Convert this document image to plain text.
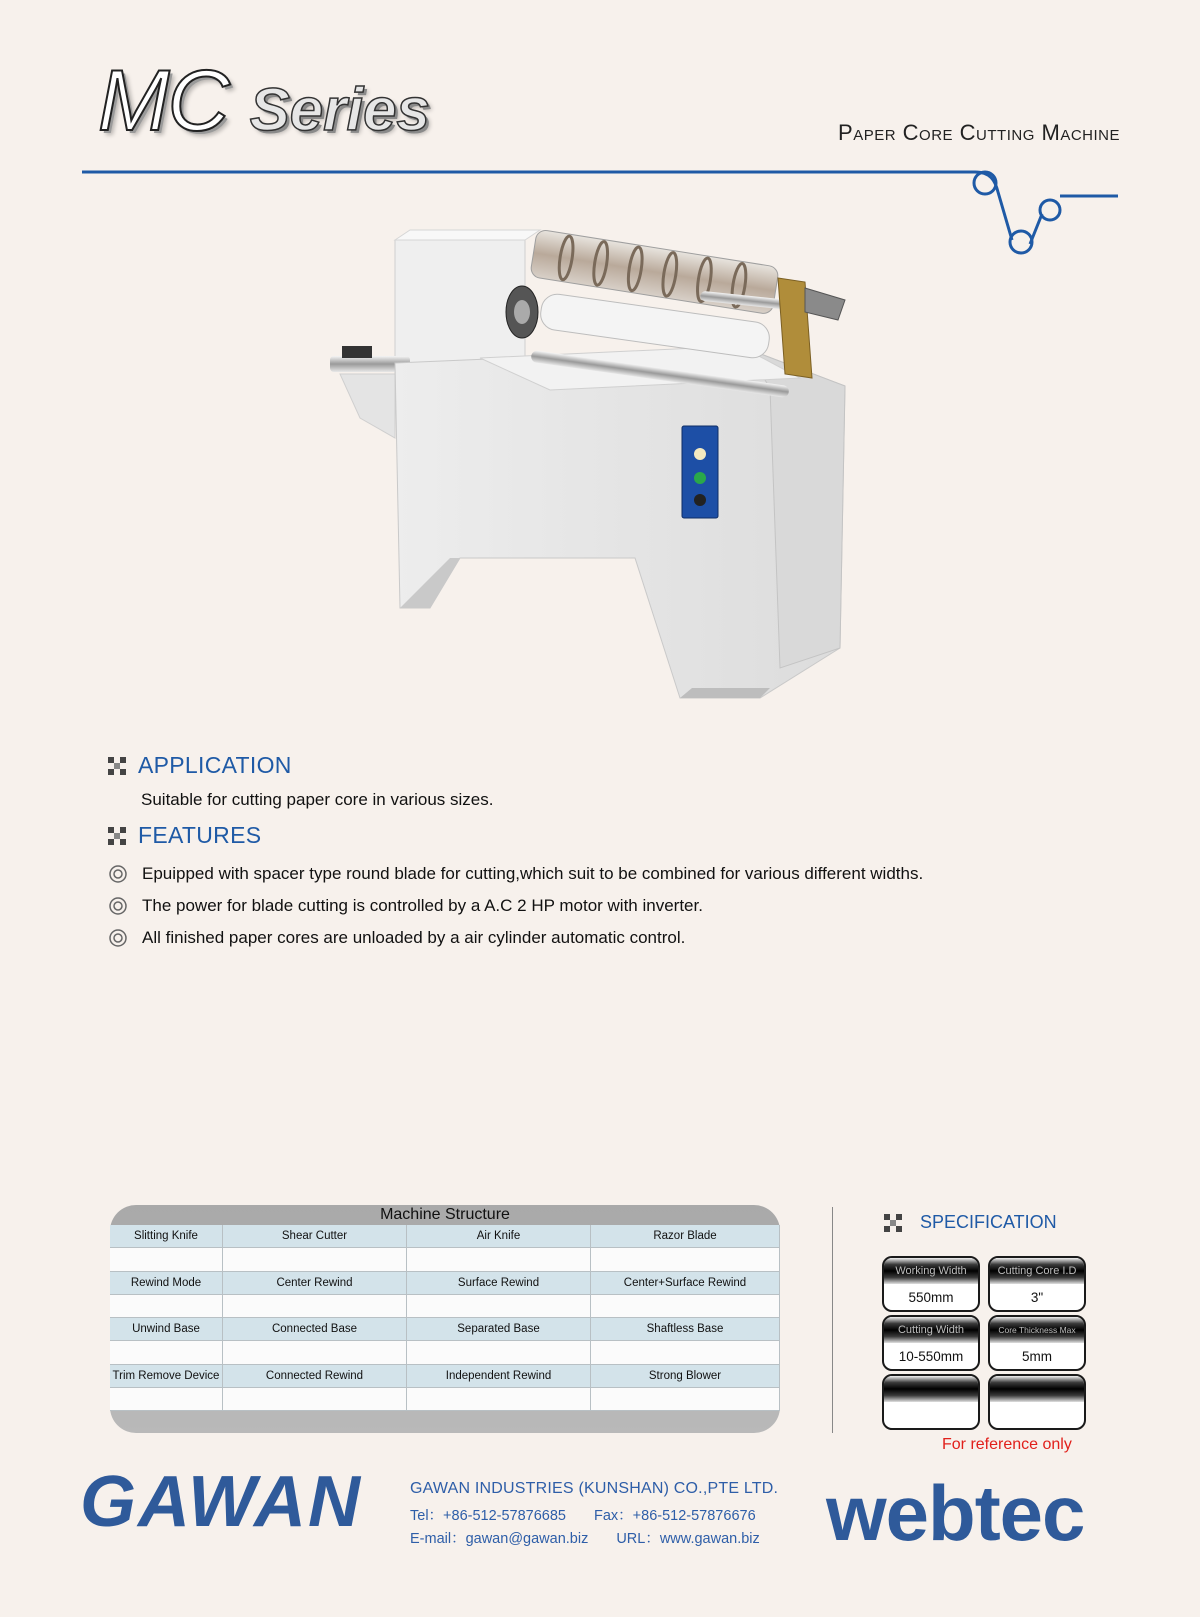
MC Series	Paper Core Cutting Machine
APPLICATION
Suitable for cutting paper core in various sizes.
FEATURES
Epuipped with spacer type round blade for cutting,which suit to be combined for various different widths.
The power for blade cutting is controlled by a A.C 2 HP motor with inverter.
All finished paper cores are unloaded by a air cylinder automatic control.
Machine Structure
Slitting Knife	Shear Cutter	Air Knife	Razor Blade
Rewind Mode	Center Rewind	Surface Rewind	Center+Surface Rewind
Unwind Base	Connected Base	Separated Base	Shaftless Base
Trim Remove Device	Connected Rewind	Independent Rewind	Strong Blower
SPECIFICATION
Working Width
550mm
Cutting Core I.D
3"
Cutting Width
10-550mm
Core Thickness Max
5mm
For reference only
GAWAN	GAWAN INDUSTRIES (KUNSHAN) CO.,PTE LTD.
Tel：+86-512-57876685 Fax：+86-512-57876676
E-mail：gawan@gawan.biz URL：www.gawan.biz webtec
